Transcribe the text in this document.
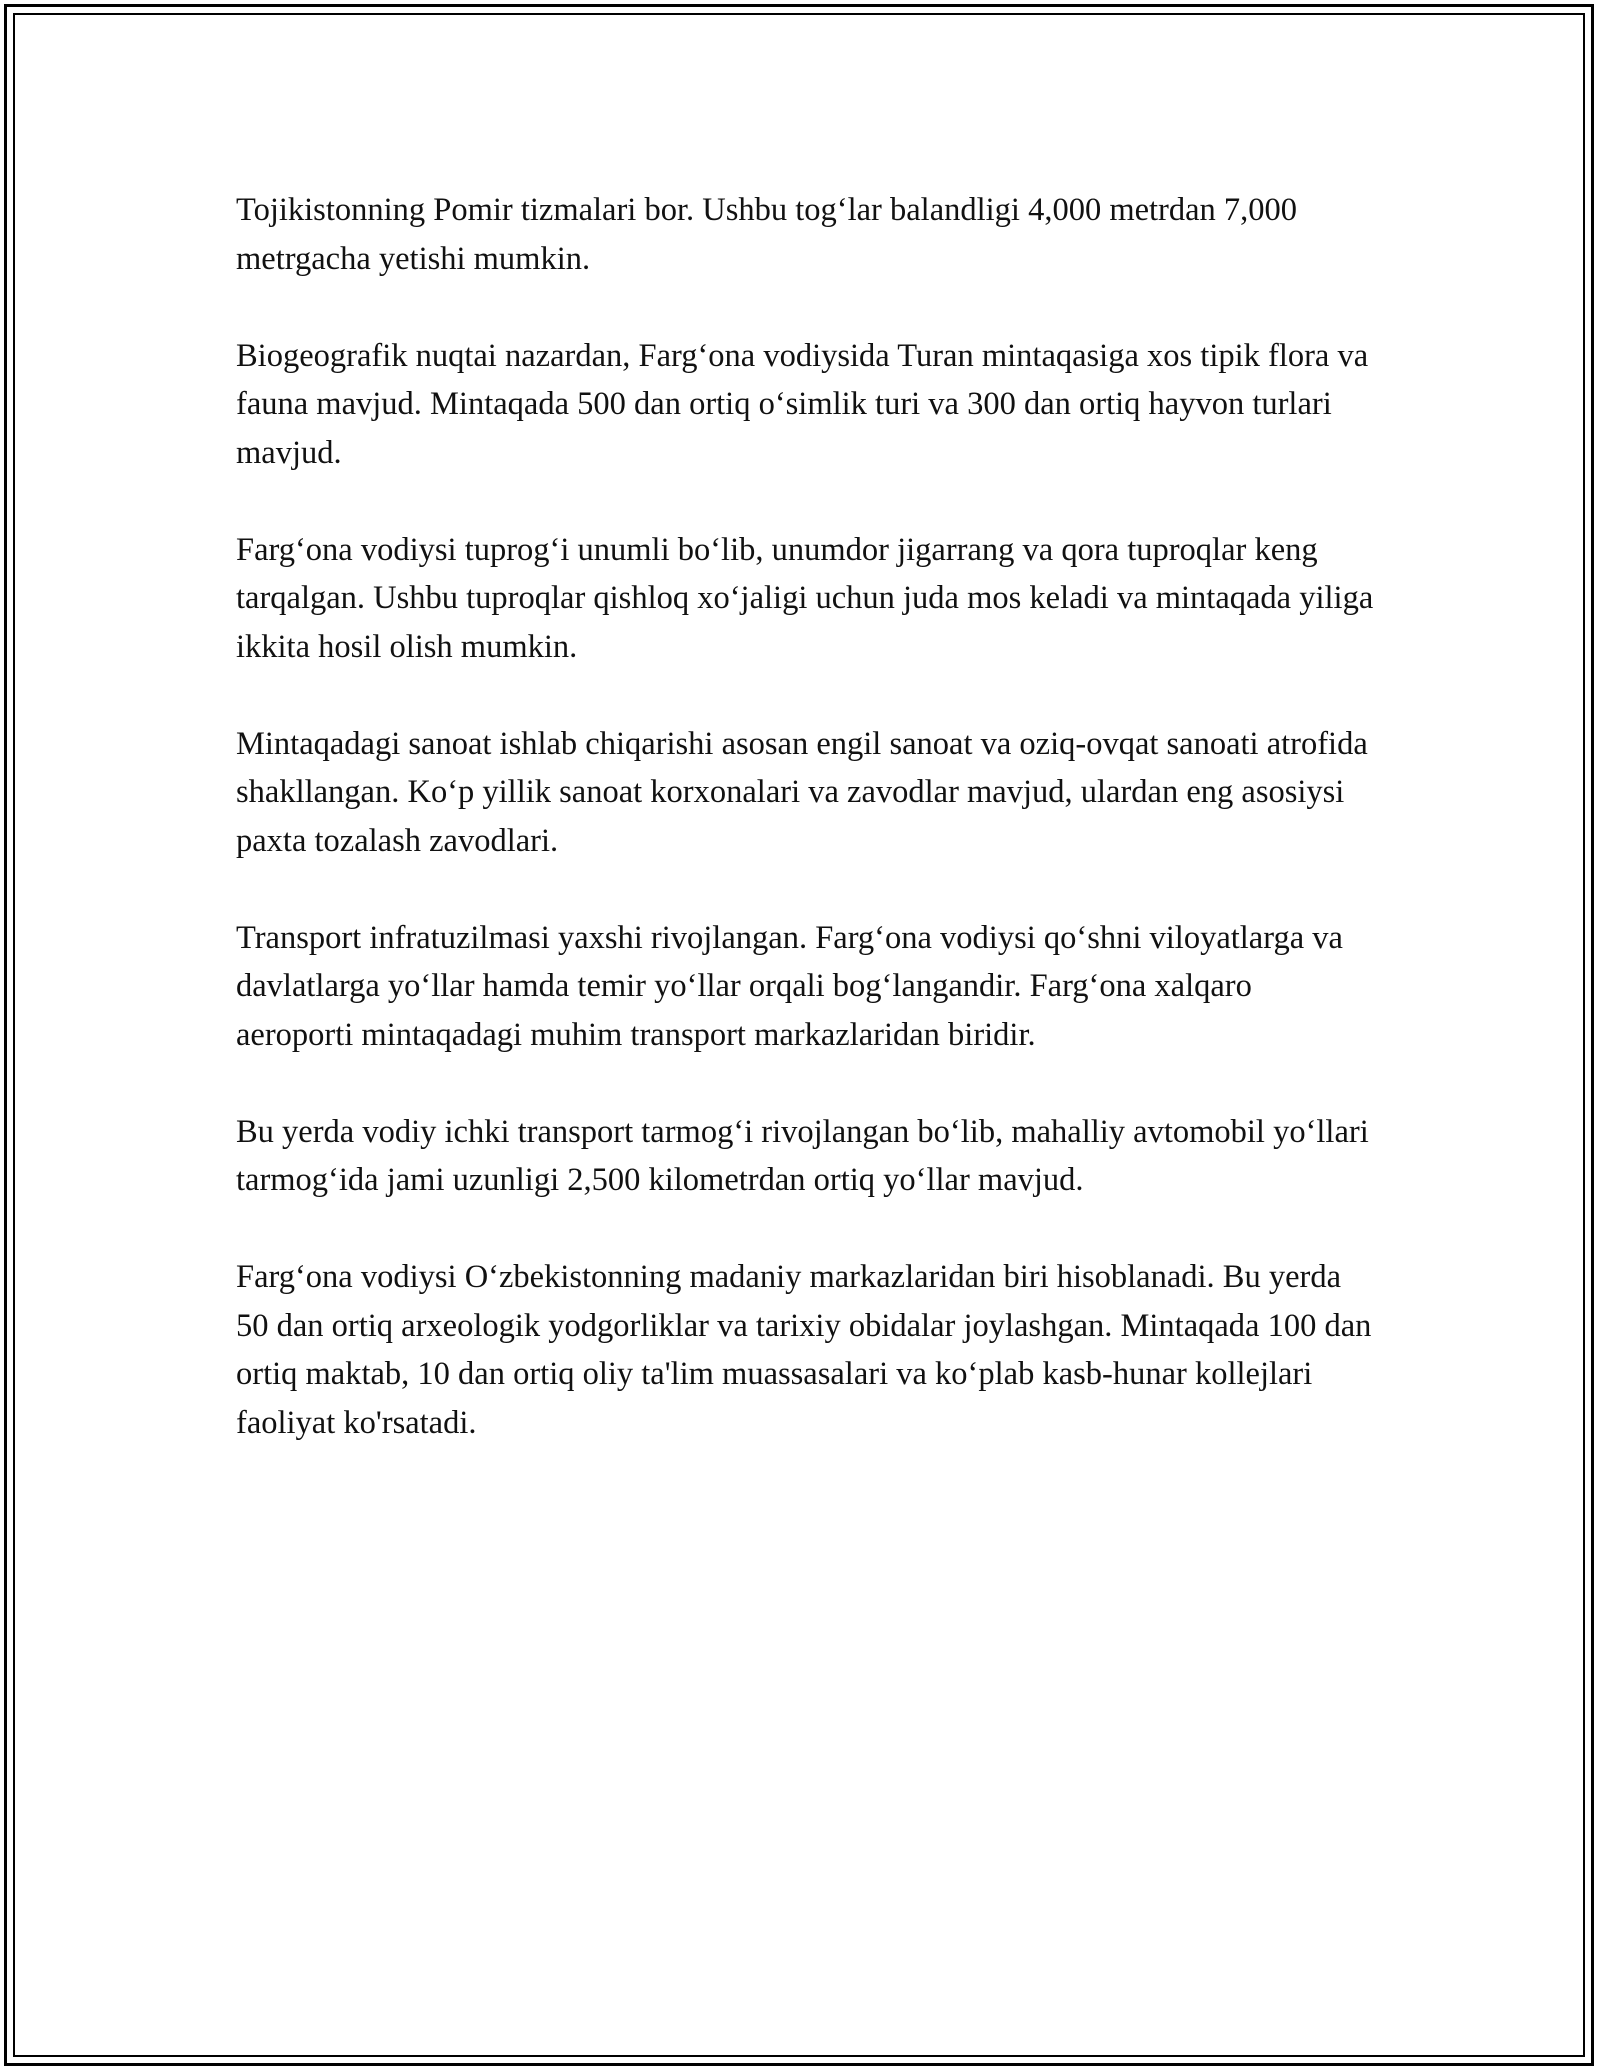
Tojikistonning Pomir tizmalari bor. Ushbu tog‘lar balandligi 4,000 metrdan 7,000 metrgacha yetishi mumkin.

Biogeografik nuqtai nazardan, Farg‘ona vodiysida Turan mintaqasiga xos tipik flora va fauna mavjud. Mintaqada 500 dan ortiq o‘simlik turi va 300 dan ortiq hayvon turlari mavjud.

Farg‘ona vodiysi tuprog‘i unumli bo‘lib, unumdor jigarrang va qora tuproqlar keng tarqalgan. Ushbu tuproqlar qishloq xo‘jaligi uchun juda mos keladi va mintaqada yiliga ikkita hosil olish mumkin.

Mintaqadagi sanoat ishlab chiqarishi asosan engil sanoat va oziq-ovqat sanoati atrofida shakllangan. Ko‘p yillik sanoat korxonalari va zavodlar mavjud, ulardan eng asosiysi paxta tozalash zavodlari.

Transport infratuzilmasi yaxshi rivojlangan. Farg‘ona vodiysi qo‘shni viloyatlarga va davlatlarga yo‘llar hamda temir yo‘llar orqali bog‘langandir. Farg‘ona xalqaro aeroporti mintaqadagi muhim transport markazlaridan biridir.

Bu yerda vodiy ichki transport tarmog‘i rivojlangan bo‘lib, mahalliy avtomobil yo‘llari tarmog‘ida jami uzunligi 2,500 kilometrdan ortiq yo‘llar mavjud.

Farg‘ona vodiysi O‘zbekistonning madaniy markazlaridan biri hisoblanadi. Bu yerda 50 dan ortiq arxeologik yodgorliklar va tarixiy obidalar joylashgan. Mintaqada 100 dan ortiq maktab, 10 dan ortiq oliy ta'lim muassasalari va ko‘plab kasb-hunar kollejlari faoliyat ko'rsatadi.
